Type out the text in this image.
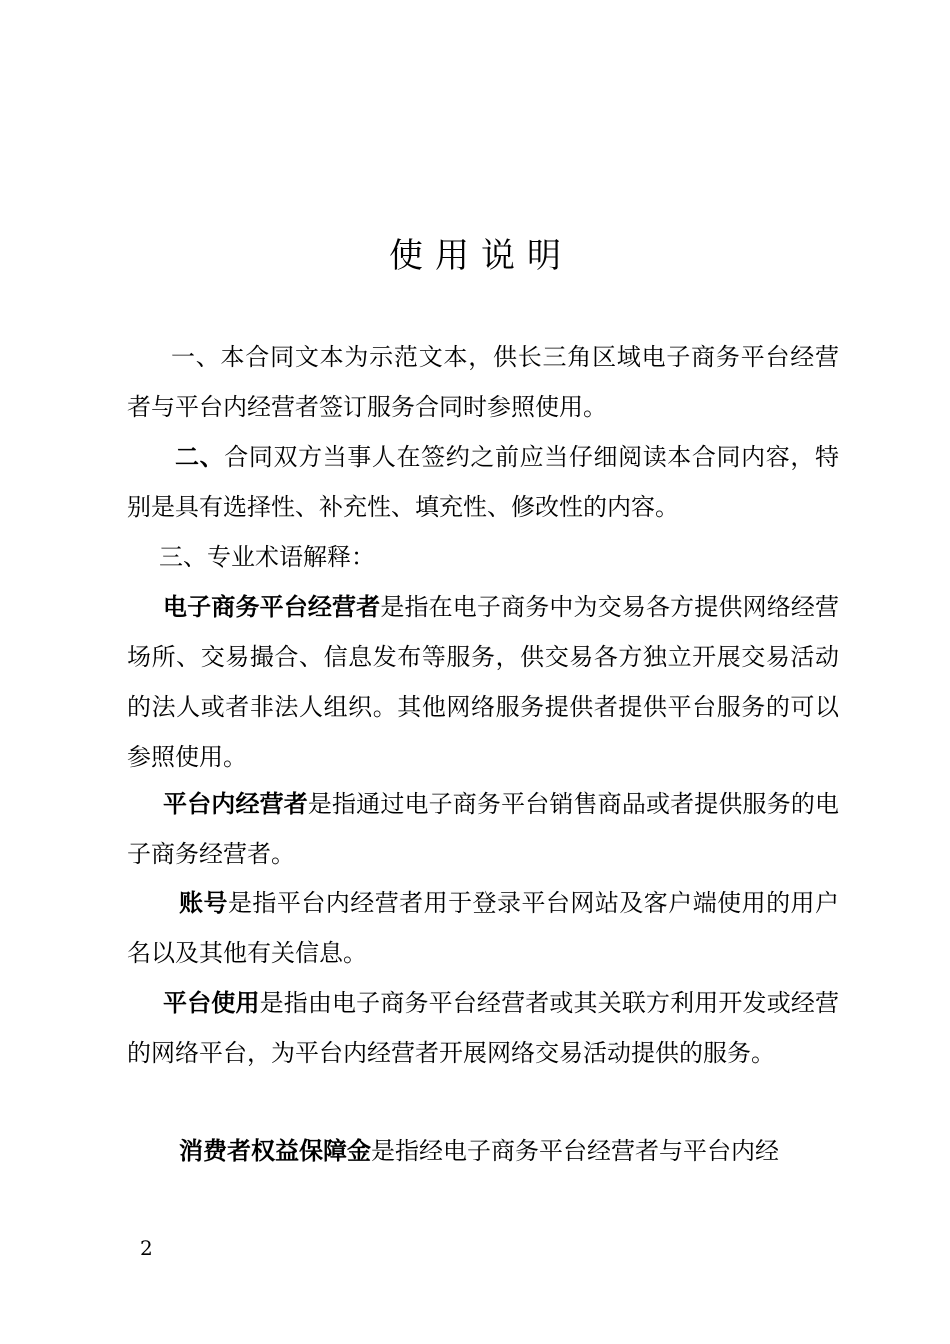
使用说明

一、本合同文本为示范文本，供长三角区域电子商务平台经营者与平台内经营者签订服务合同时参照使用。

二、合同双方当事人在签约之前应当仔细阅读本合同内容，特别是具有选择性、补充性、填充性、修改性的内容。

三、专业术语解释：

电子商务平台经营者是指在电子商务中为交易各方提供网络经营场所、交易撮合、信息发布等服务，供交易各方独立开展交易活动的法人或者非法人组织。其他网络服务提供者提供平台服务的可以参照使用。

平台内经营者是指通过电子商务平台销售商品或者提供服务的电子商务经营者。

账号是指平台内经营者用于登录平台网站及客户端使用的用户名以及其他有关信息。

平台使用是指由电子商务平台经营者或其关联方利用开发或经营的网络平台，为平台内经营者开展网络交易活动提供的服务。

消费者权益保障金是指经电子商务平台经营者与平台内经

2
